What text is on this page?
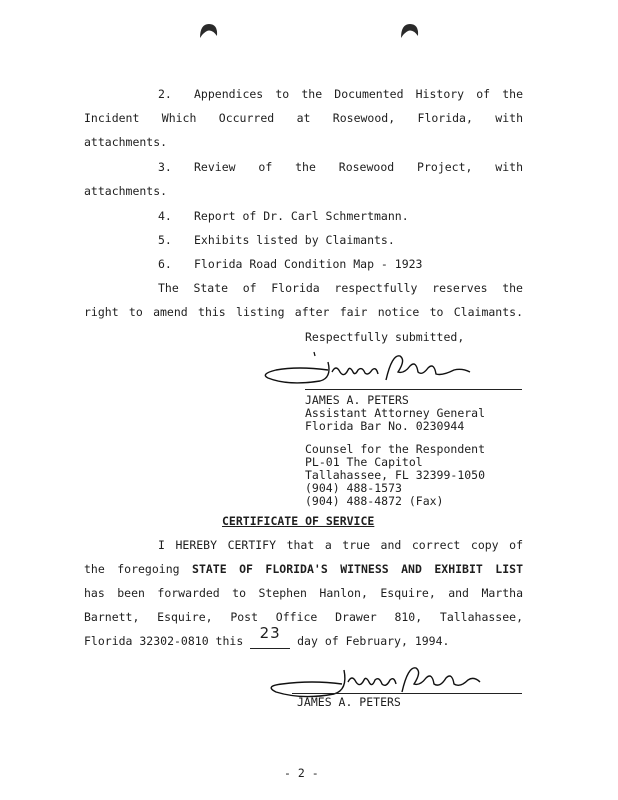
2. Appendices to the Documented History of the
Incident Which Occurred at Rosewood, Florida, with
attachments.
3. Review of the Rosewood Project, with
attachments.
4. Report of Dr. Carl Schmertmann.
5. Exhibits listed by Claimants.
6. Florida Road Condition Map - 1923
The State of Florida respectfully reserves the
right to amend this listing after fair notice to Claimants.
Respectfully submitted,
JAMES A. PETERS
Assistant Attorney General
Florida Bar No. 0230944
Counsel for the Respondent
PL-01 The Capitol
Tallahassee, FL 32399-1050
(904) 488-1573
(904) 488-4872 (Fax)
CERTIFICATE OF SERVICE
I HEREBY CERTIFY that a true and correct copy of
the foregoing STATE OF FLORIDA'S WITNESS AND EXHIBIT LIST
has been forwarded to Stephen Hanlon, Esquire, and Martha
Barnett, Esquire, Post Office Drawer 810, Tallahassee,
Florida 32302-0810 this	23	day of February, 1994.
JAMES A. PETERS
- 2 -
